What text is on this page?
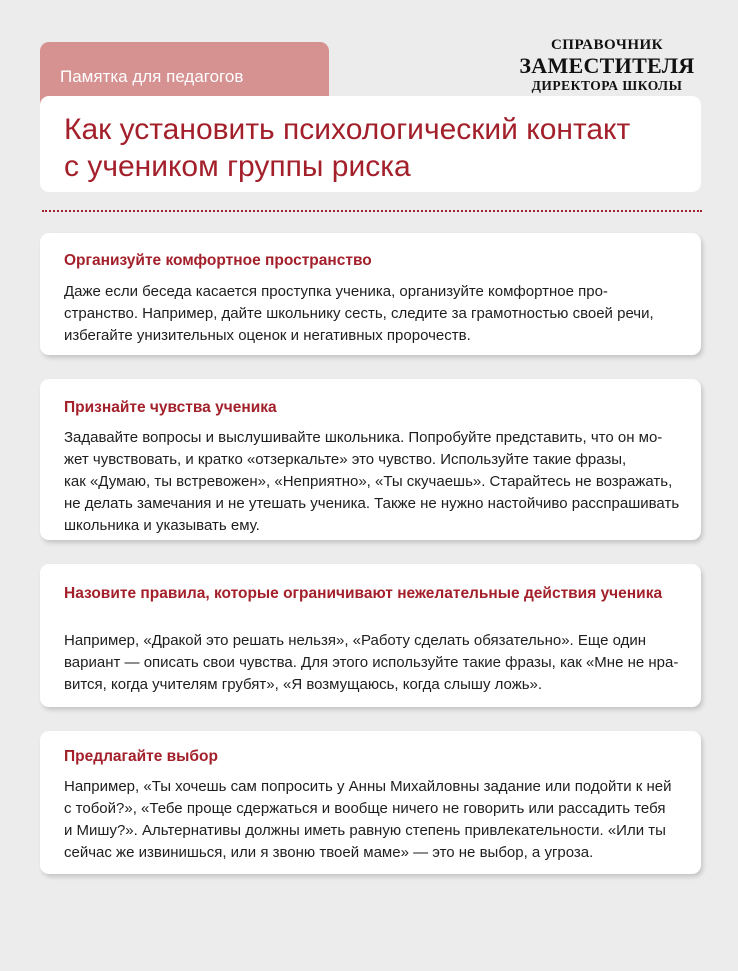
Памятка для педагогов
СПРАВОЧНИК
ЗАМЕСТИТЕЛЯ
ДИРЕКТОРА ШКОЛЫ
Как установить психологический контакт
с учеником группы риска
Организуйте комфортное пространство
Даже если беседа касается проступка ученика, организуйте комфортное про-
странство. Например, дайте школьнику сесть, следите за грамотностью своей речи,
избегайте унизительных оценок и негативных пророчеств.
Признайте чувства ученика
Задавайте вопросы и выслушивайте школьника. Попробуйте представить, что он мо-
жет чувствовать, и кратко «отзеркальте» это чувство. Используйте такие фразы,
как «Думаю, ты встревожен», «Неприятно», «Ты скучаешь». Старайтесь не возражать,
не делать замечания и не утешать ученика. Также не нужно настойчиво расспрашивать
школьника и указывать ему.
Назовите правила, которые ограничивают нежелательные действия ученика
Например, «Дракой это решать нельзя», «Работу сделать обязательно». Еще один
вариант — описать свои чувства. Для этого используйте такие фразы, как «Мне не нра-
вится, когда учителям грубят», «Я возмущаюсь, когда слышу ложь».
Предлагайте выбор
Например, «Ты хочешь сам попросить у Анны Михайловны задание или подойти к ней
с тобой?», «Тебе проще сдержаться и вообще ничего не говорить или рассадить тебя
и Мишу?». Альтернативы должны иметь равную степень привлекательности. «Или ты
сейчас же извинишься, или я звоню твоей маме» — это не выбор, а угроза.
